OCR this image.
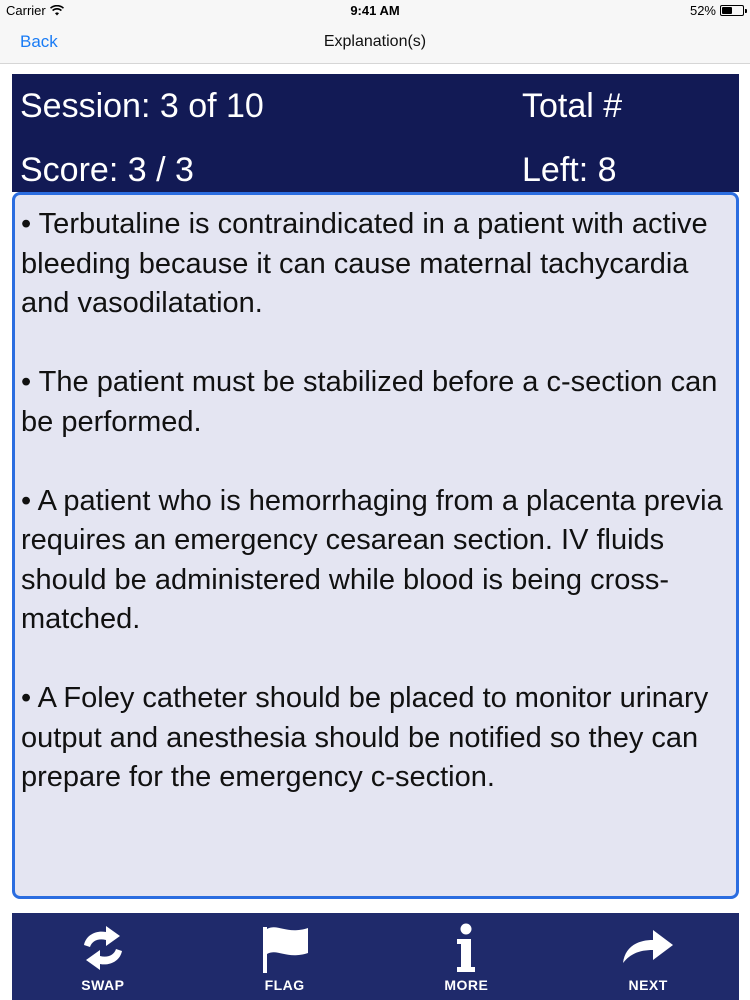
Carrier	9:41 AM	52%
Back	Explanation(s)
Session: 3 of 10	Total #
Score: 3 / 3	Left: 8

• Terbutaline is contraindicated in a patient with active bleeding because it can cause maternal tachycardia and vasodilatation.

• The patient must be stabilized before a c-section can be performed.

• A patient who is hemorrhaging from a placenta previa requires an emergency cesarean section. IV fluids should be administered while blood is being cross-matched.

• A Foley catheter should be placed to monitor urinary output and anesthesia should be notified so they can prepare for the emergency c-section.

SWAP	FLAG	MORE	NEXT
